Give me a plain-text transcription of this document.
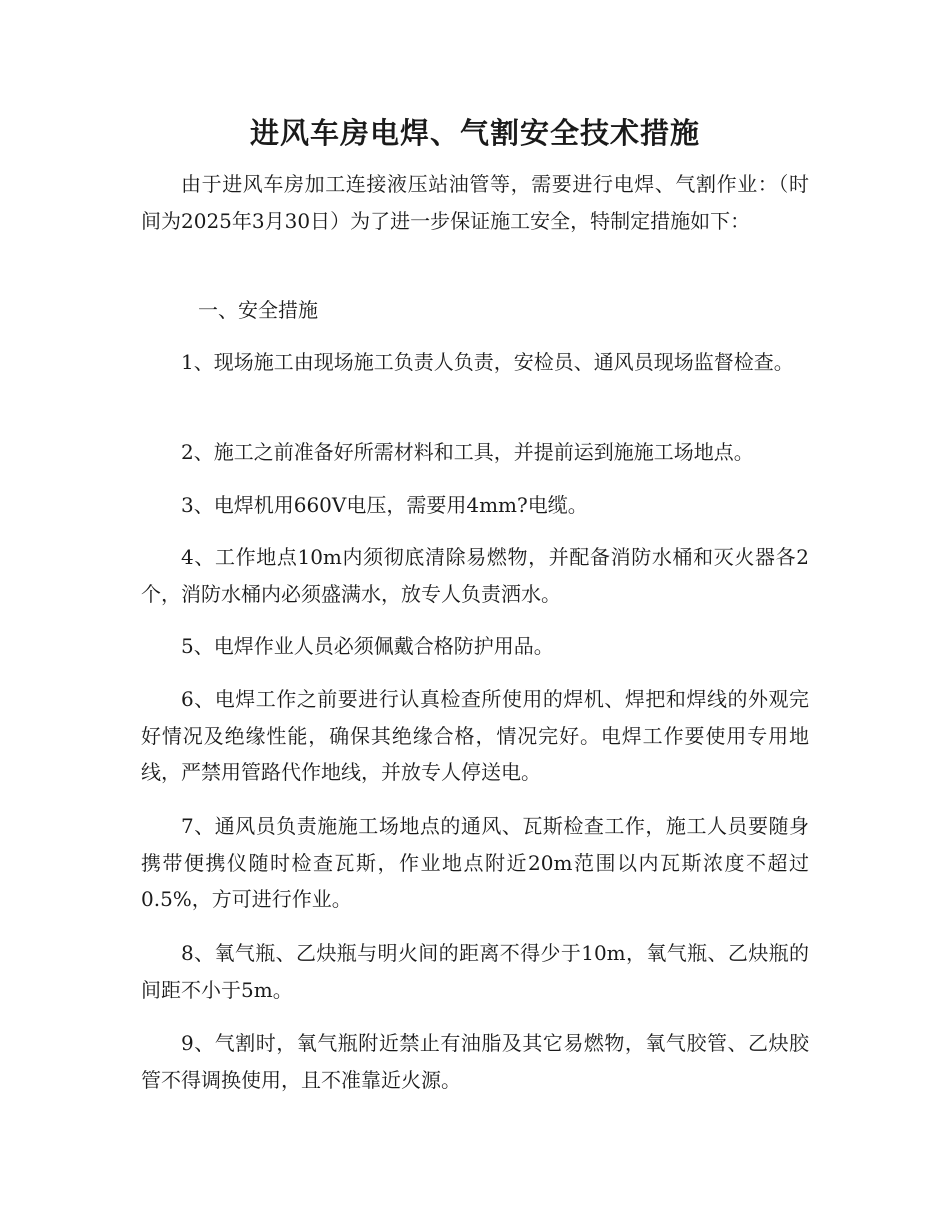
进风车房电焊、气割安全技术措施

由于进风车房加工连接液压站油管等，需要进行电焊、气割作业：（时间为2025年3月30日）为了进一步保证施工安全，特制定措施如下：

一、安全措施

1、现场施工由现场施工负责人负责，安检员、通风员现场监督检查。

2、施工之前准备好所需材料和工具，并提前运到施施工场地点。

3、电焊机用660V电压，需要用4mm?电缆。

4、工作地点10m内须彻底清除易燃物，并配备消防水桶和灭火器各2个，消防水桶内必须盛满水，放专人负责洒水。

5、电焊作业人员必须佩戴合格防护用品。

6、电焊工作之前要进行认真检查所使用的焊机、焊把和焊线的外观完好情况及绝缘性能，确保其绝缘合格，情况完好。电焊工作要使用专用地线，严禁用管路代作地线，并放专人停送电。

7、通风员负责施施工场地点的通风、瓦斯检查工作，施工人员要随身携带便携仪随时检查瓦斯，作业地点附近20m范围以内瓦斯浓度不超过0.5%，方可进行作业。

8、氧气瓶、乙炔瓶与明火间的距离不得少于10m，氧气瓶、乙炔瓶的间距不小于5m。

9、气割时，氧气瓶附近禁止有油脂及其它易燃物，氧气胶管、乙炔胶管不得调换使用，且不准靠近火源。
